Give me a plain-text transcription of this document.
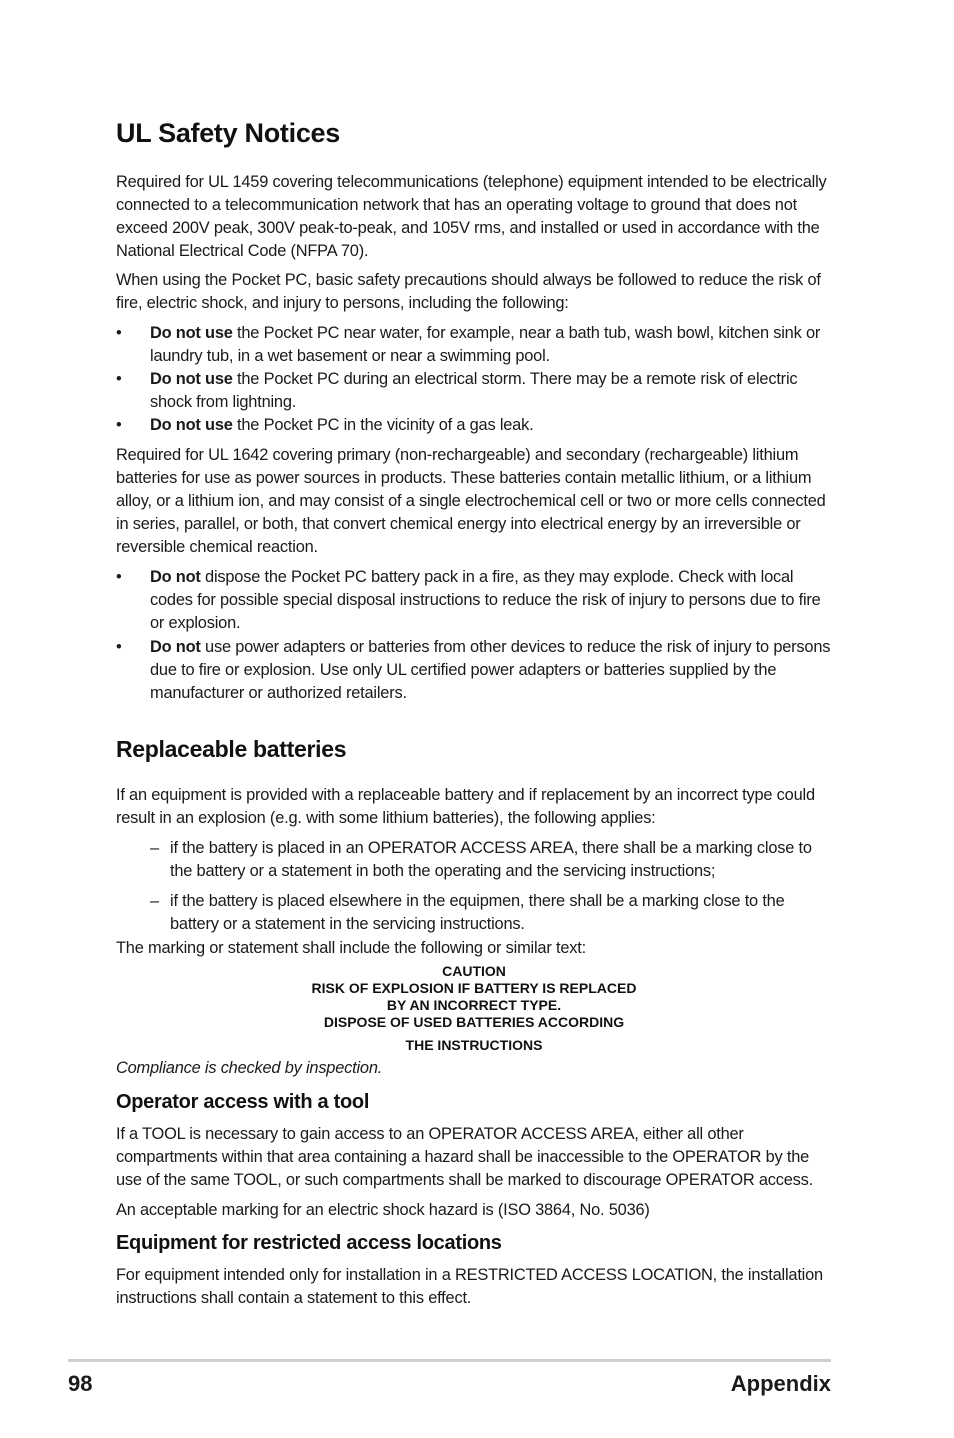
UL Safety Notices

Required for UL 1459 covering telecommunications (telephone) equipment intended to be electrically connected to a telecommunication network that has an operating voltage to ground that does not exceed 200V peak, 300V peak-to-peak, and 105V rms, and installed or used in accordance with the National Electrical Code (NFPA 70).

When using the Pocket PC, basic safety precautions should always be followed to reduce the risk of fire, electric shock, and injury to persons, including the following:

• Do not use the Pocket PC near water, for example, near a bath tub, wash bowl, kitchen sink or laundry tub, in a wet basement or near a swimming pool.
• Do not use the Pocket PC during an electrical storm. There may be a remote risk of electric shock from lightning.
• Do not use the Pocket PC in the vicinity of a gas leak.

Required for UL 1642 covering primary (non-rechargeable) and secondary (rechargeable) lithium batteries for use as power sources in products. These batteries contain metallic lithium, or a lithium alloy, or a lithium ion, and may consist of a single electrochemical cell or two or more cells connected in series, parallel, or both, that convert chemical energy into electrical energy by an irreversible or reversible chemical reaction.

• Do not dispose the Pocket PC battery pack in a fire, as they may explode. Check with local codes for possible special disposal instructions to reduce the risk of injury to persons due to fire or explosion.
• Do not use power adapters or batteries from other devices to reduce the risk of injury to persons due to fire or explosion. Use only UL certified power adapters or batteries supplied by the manufacturer or authorized retailers.
Replaceable batteries

If an equipment is provided with a replaceable battery and if replacement by an incorrect type could result in an explosion (e.g. with some lithium batteries), the following applies:

– if the battery is placed in an OPERATOR ACCESS AREA, there shall be a marking close to the battery or a statement in both the operating and the servicing instructions;
– if the battery is placed elsewhere in the equipmen, there shall be a marking close to the battery or a statement in the servicing instructions.

The marking or statement shall include the following or similar text:

CAUTION
RISK OF EXPLOSION IF BATTERY IS REPLACED
BY AN INCORRECT TYPE.
DISPOSE OF USED BATTERIES ACCORDING
THE INSTRUCTIONS

Compliance is checked by inspection.

Operator access with a tool

If a TOOL is necessary to gain access to an OPERATOR ACCESS AREA, either all other compartments within that area containing a hazard shall be inaccessible to the OPERATOR by the use of the same TOOL, or such compartments shall be marked to discourage OPERATOR access.

An acceptable marking for an electric shock hazard is (ISO 3864, No. 5036)

Equipment for restricted access locations

For equipment intended only for installation in a RESTRICTED ACCESS LOCATION, the installation instructions shall contain a statement to this effect.

98	Appendix
